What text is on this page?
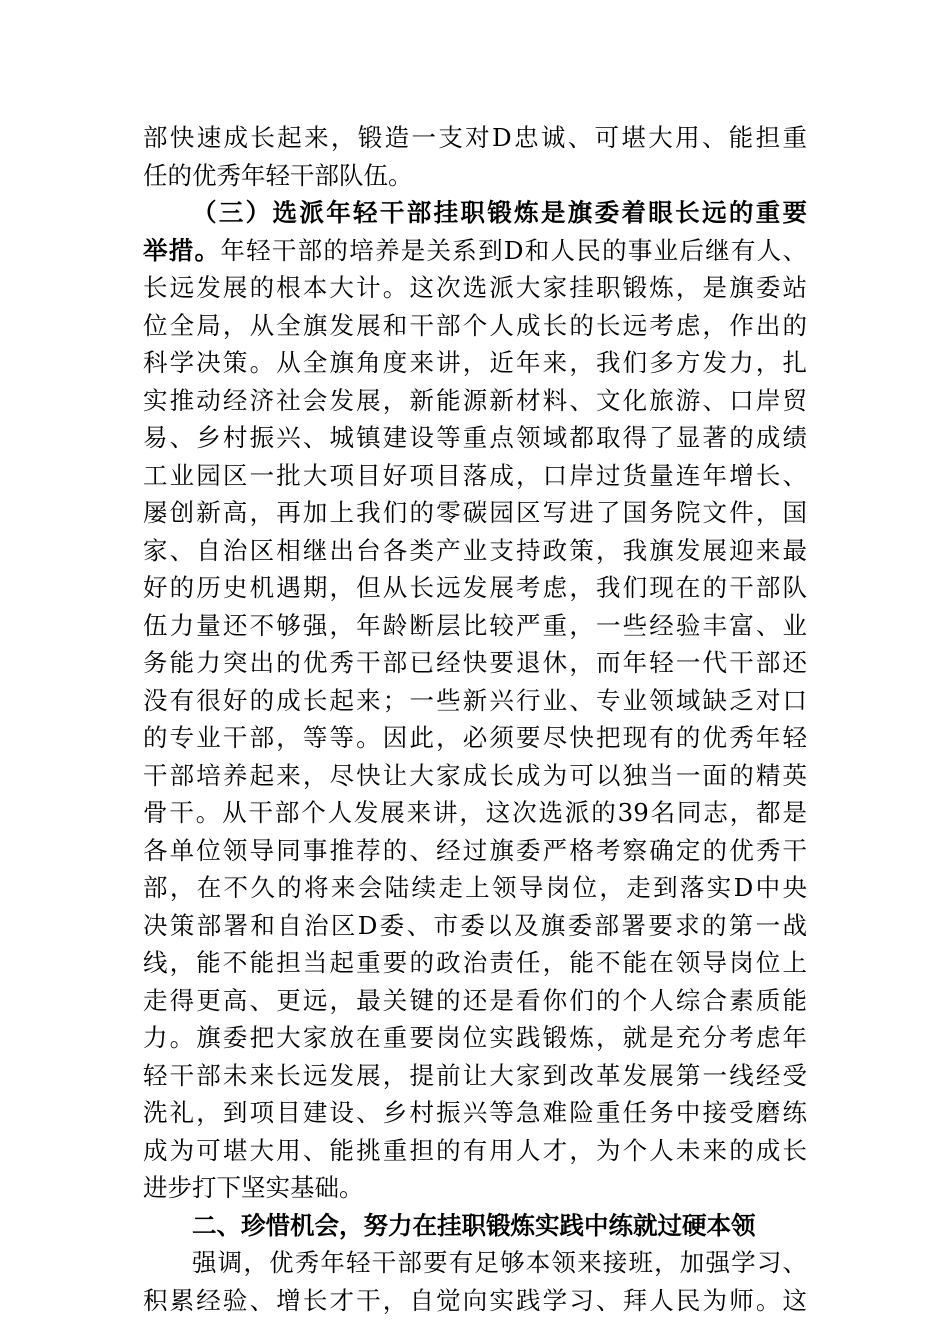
部快速成长起来，锻造一支对D忠诚、可堪大用、能担重
任的优秀年轻干部队伍。
（三）选派年轻干部挂职锻炼是旗委着眼长远的重要
举措。年轻干部的培养是关系到D和人民的事业后继有人、
长远发展的根本大计。这次选派大家挂职锻炼，是旗委站
位全局，从全旗发展和干部个人成长的长远考虑，作出的
科学决策。从全旗角度来讲，近年来，我们多方发力，扎
实推动经济社会发展，新能源新材料、文化旅游、口岸贸
易、乡村振兴、城镇建设等重点领域都取得了显著的成绩
工业园区一批大项目好项目落成，口岸过货量连年增长、
屡创新高，再加上我们的零碳园区写进了国务院文件，国
家、自治区相继出台各类产业支持政策，我旗发展迎来最
好的历史机遇期，但从长远发展考虑，我们现在的干部队
伍力量还不够强，年龄断层比较严重，一些经验丰富、业
务能力突出的优秀干部已经快要退休，而年轻一代干部还
没有很好的成长起来；一些新兴行业、专业领域缺乏对口
的专业干部，等等。因此，必须要尽快把现有的优秀年轻
干部培养起来，尽快让大家成长成为可以独当一面的精英
骨干。从干部个人发展来讲，这次选派的39名同志，都是
各单位领导同事推荐的、经过旗委严格考察确定的优秀干
部，在不久的将来会陆续走上领导岗位，走到落实D中央
决策部署和自治区D委、市委以及旗委部署要求的第一战
线，能不能担当起重要的政治责任，能不能在领导岗位上
走得更高、更远，最关键的还是看你们的个人综合素质能
力。旗委把大家放在重要岗位实践锻炼，就是充分考虑年
轻干部未来长远发展，提前让大家到改革发展第一线经受
洗礼，到项目建设、乡村振兴等急难险重任务中接受磨练
成为可堪大用、能挑重担的有用人才，为个人未来的成长
进步打下坚实基础。
二、珍惜机会，努力在挂职锻炼实践中练就过硬本领
强调，优秀年轻干部要有足够本领来接班，加强学习、
积累经验、增长才干，自觉向实践学习、拜人民为师。这
